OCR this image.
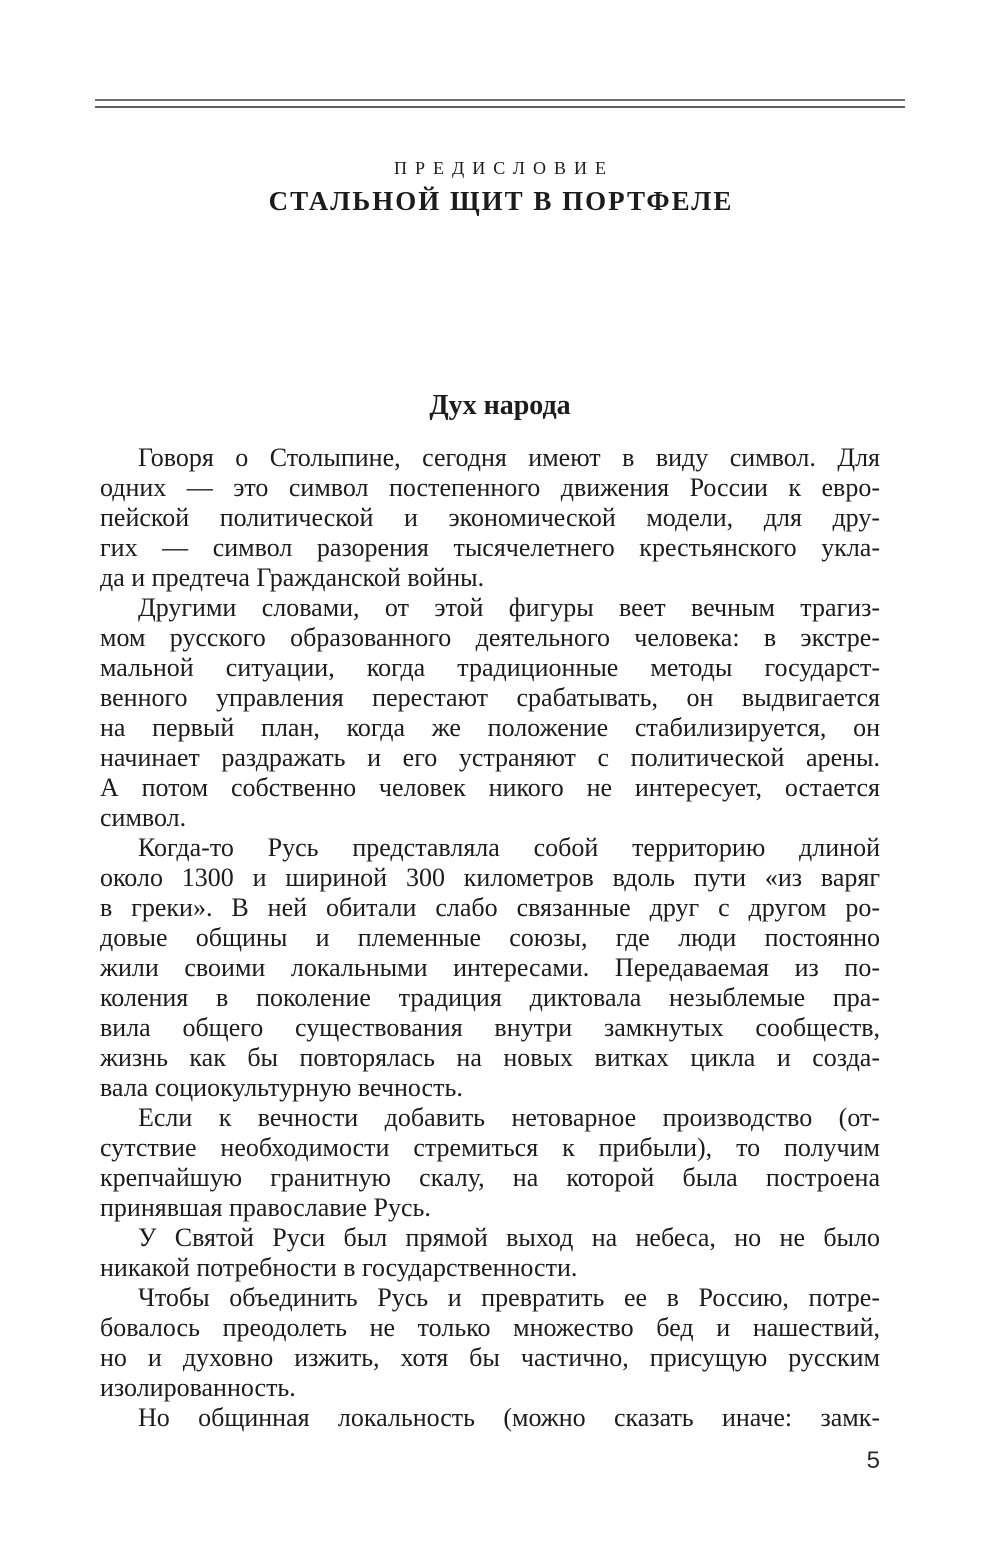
ПРЕДИСЛОВИЕ
СТАЛЬНОЙ ЩИТ В ПОРТФЕЛЕ
Дух народа
Говоря о Столыпине, сегодня имеют в виду символ. Для
одних — это символ постепенного движения России к евро-
пейской политической и экономической модели, для дру-
гих — символ разорения тысячелетнего крестьянского укла-
да и предтеча Гражданской войны.
Другими словами, от этой фигуры веет вечным трагиз-
мом русского образованного деятельного человека: в экстре-
мальной ситуации, когда традиционные методы государст-
венного управления перестают срабатывать, он выдвигается
на первый план, когда же положение стабилизируется, он
начинает раздражать и его устраняют с политической арены.
А потом собственно человек никого не интересует, остается
символ.
Когда-то Русь представляла собой территорию длиной
около 1300 и шириной 300 километров вдоль пути «из варяг
в греки». В ней обитали слабо связанные друг с другом ро-
довые общины и племенные союзы, где люди постоянно
жили своими локальными интересами. Передаваемая из по-
коления в поколение традиция диктовала незыблемые пра-
вила общего существования внутри замкнутых сообществ,
жизнь как бы повторялась на новых витках цикла и созда-
вала социокультурную вечность.
Если к вечности добавить нетоварное производство (от-
сутствие необходимости стремиться к прибыли), то получим
крепчайшую гранитную скалу, на которой была построена
принявшая православие Русь.
У Святой Руси был прямой выход на небеса, но не было
никакой потребности в государственности.
Чтобы объединить Русь и превратить ее в Россию, потре-
бовалось преодолеть не только множество бед и нашествий,
но и духовно изжить, хотя бы частично, присущую русским
изолированность.
Но общинная локальность (можно сказать иначе: замк-
5
